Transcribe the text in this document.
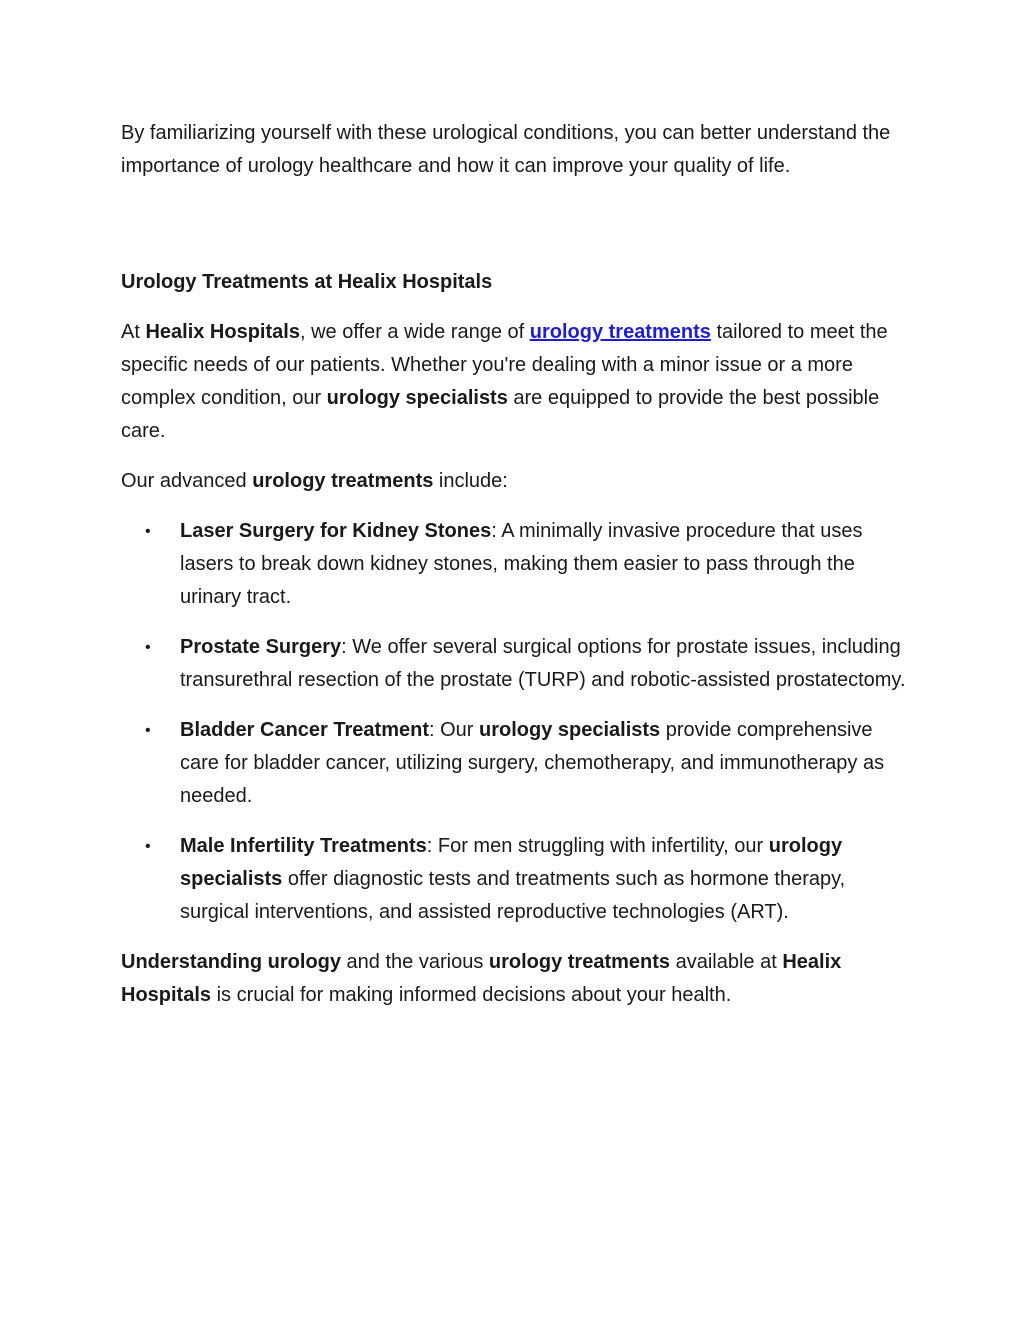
By familiarizing yourself with these urological conditions, you can better understand the importance of urology healthcare and how it can improve your quality of life.

Urology Treatments at Healix Hospitals

At Healix Hospitals, we offer a wide range of urology treatments tailored to meet the specific needs of our patients. Whether you're dealing with a minor issue or a more complex condition, our urology specialists are equipped to provide the best possible care.

Our advanced urology treatments include:

• Laser Surgery for Kidney Stones: A minimally invasive procedure that uses lasers to break down kidney stones, making them easier to pass through the urinary tract.
• Prostate Surgery: We offer several surgical options for prostate issues, including transurethral resection of the prostate (TURP) and robotic-assisted prostatectomy.
• Bladder Cancer Treatment: Our urology specialists provide comprehensive care for bladder cancer, utilizing surgery, chemotherapy, and immunotherapy as needed.
• Male Infertility Treatments: For men struggling with infertility, our urology specialists offer diagnostic tests and treatments such as hormone therapy, surgical interventions, and assisted reproductive technologies (ART).

Understanding urology and the various urology treatments available at Healix Hospitals is crucial for making informed decisions about your health.
